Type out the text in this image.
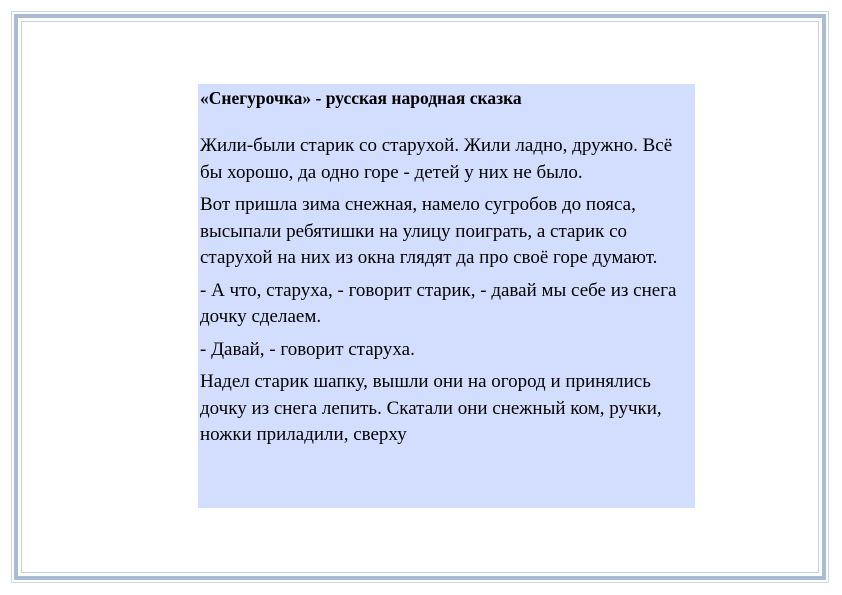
«Снегурочка» - русская народная сказка

Жили-были старик со старухой. Жили ладно, дружно. Всё бы хорошо, да одно горе - детей у них не было.

Вот пришла зима снежная, намело сугробов до пояса, высыпали ребятишки на улицу поиграть, а старик со старухой на них из окна глядят да про своё горе думают.

- А что, старуха, - говорит старик, - давай мы себе из снега дочку сделаем.

- Давай, - говорит старуха.

Надел старик шапку, вышли они на огород и принялись дочку из снега лепить. Скатали они снежный ком, ручки, ножки приладили, сверху
